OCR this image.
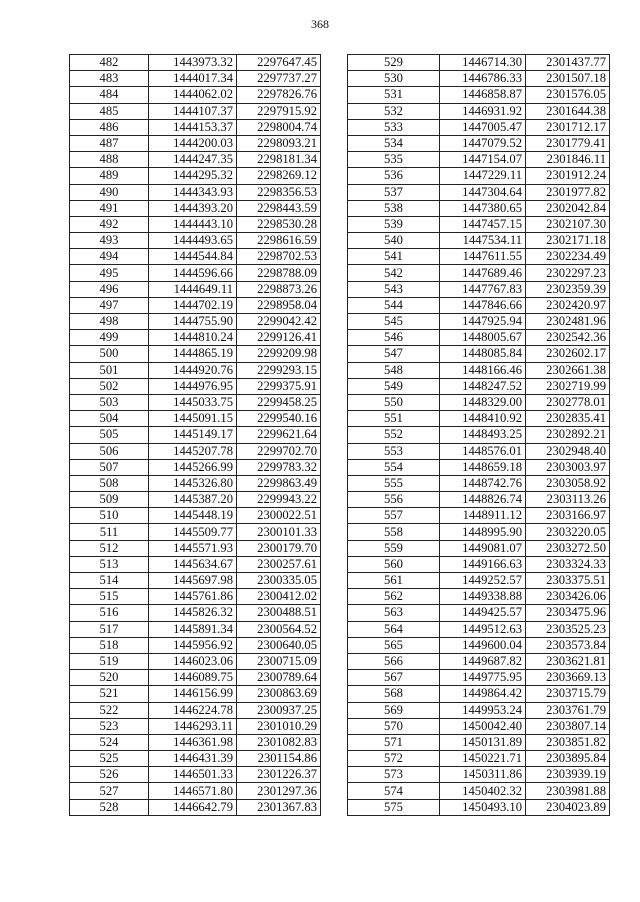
368
482	1443973.32	2297647.45
483	1444017.34	2297737.27
484	1444062.02	2297826.76
485	1444107.37	2297915.92
486	1444153.37	2298004.74
487	1444200.03	2298093.21
488	1444247.35	2298181.34
489	1444295.32	2298269.12
490	1444343.93	2298356.53
491	1444393.20	2298443.59
492	1444443.10	2298530.28
493	1444493.65	2298616.59
494	1444544.84	2298702.53
495	1444596.66	2298788.09
496	1444649.11	2298873.26
497	1444702.19	2298958.04
498	1444755.90	2299042.42
499	1444810.24	2299126.41
500	1444865.19	2299209.98
501	1444920.76	2299293.15
502	1444976.95	2299375.91
503	1445033.75	2299458.25
504	1445091.15	2299540.16
505	1445149.17	2299621.64
506	1445207.78	2299702.70
507	1445266.99	2299783.32
508	1445326.80	2299863.49
509	1445387.20	2299943.22
510	1445448.19	2300022.51
511	1445509.77	2300101.33
512	1445571.93	2300179.70
513	1445634.67	2300257.61
514	1445697.98	2300335.05
515	1445761.86	2300412.02
516	1445826.32	2300488.51
517	1445891.34	2300564.52
518	1445956.92	2300640.05
519	1446023.06	2300715.09
520	1446089.75	2300789.64
521	1446156.99	2300863.69
522	1446224.78	2300937.25
523	1446293.11	2301010.29
524	1446361.98	2301082.83
525	1446431.39	2301154.86
526	1446501.33	2301226.37
527	1446571.80	2301297.36
528	1446642.79	2301367.83
529	1446714.30	2301437.77
530	1446786.33	2301507.18
531	1446858.87	2301576.05
532	1446931.92	2301644.38
533	1447005.47	2301712.17
534	1447079.52	2301779.41
535	1447154.07	2301846.11
536	1447229.11	2301912.24
537	1447304.64	2301977.82
538	1447380.65	2302042.84
539	1447457.15	2302107.30
540	1447534.11	2302171.18
541	1447611.55	2302234.49
542	1447689.46	2302297.23
543	1447767.83	2302359.39
544	1447846.66	2302420.97
545	1447925.94	2302481.96
546	1448005.67	2302542.36
547	1448085.84	2302602.17
548	1448166.46	2302661.38
549	1448247.52	2302719.99
550	1448329.00	2302778.01
551	1448410.92	2302835.41
552	1448493.25	2302892.21
553	1448576.01	2302948.40
554	1448659.18	2303003.97
555	1448742.76	2303058.92
556	1448826.74	2303113.26
557	1448911.12	2303166.97
558	1448995.90	2303220.05
559	1449081.07	2303272.50
560	1449166.63	2303324.33
561	1449252.57	2303375.51
562	1449338.88	2303426.06
563	1449425.57	2303475.96
564	1449512.63	2303525.23
565	1449600.04	2303573.84
566	1449687.82	2303621.81
567	1449775.95	2303669.13
568	1449864.42	2303715.79
569	1449953.24	2303761.79
570	1450042.40	2303807.14
571	1450131.89	2303851.82
572	1450221.71	2303895.84
573	1450311.86	2303939.19
574	1450402.32	2303981.88
575	1450493.10	2304023.89
